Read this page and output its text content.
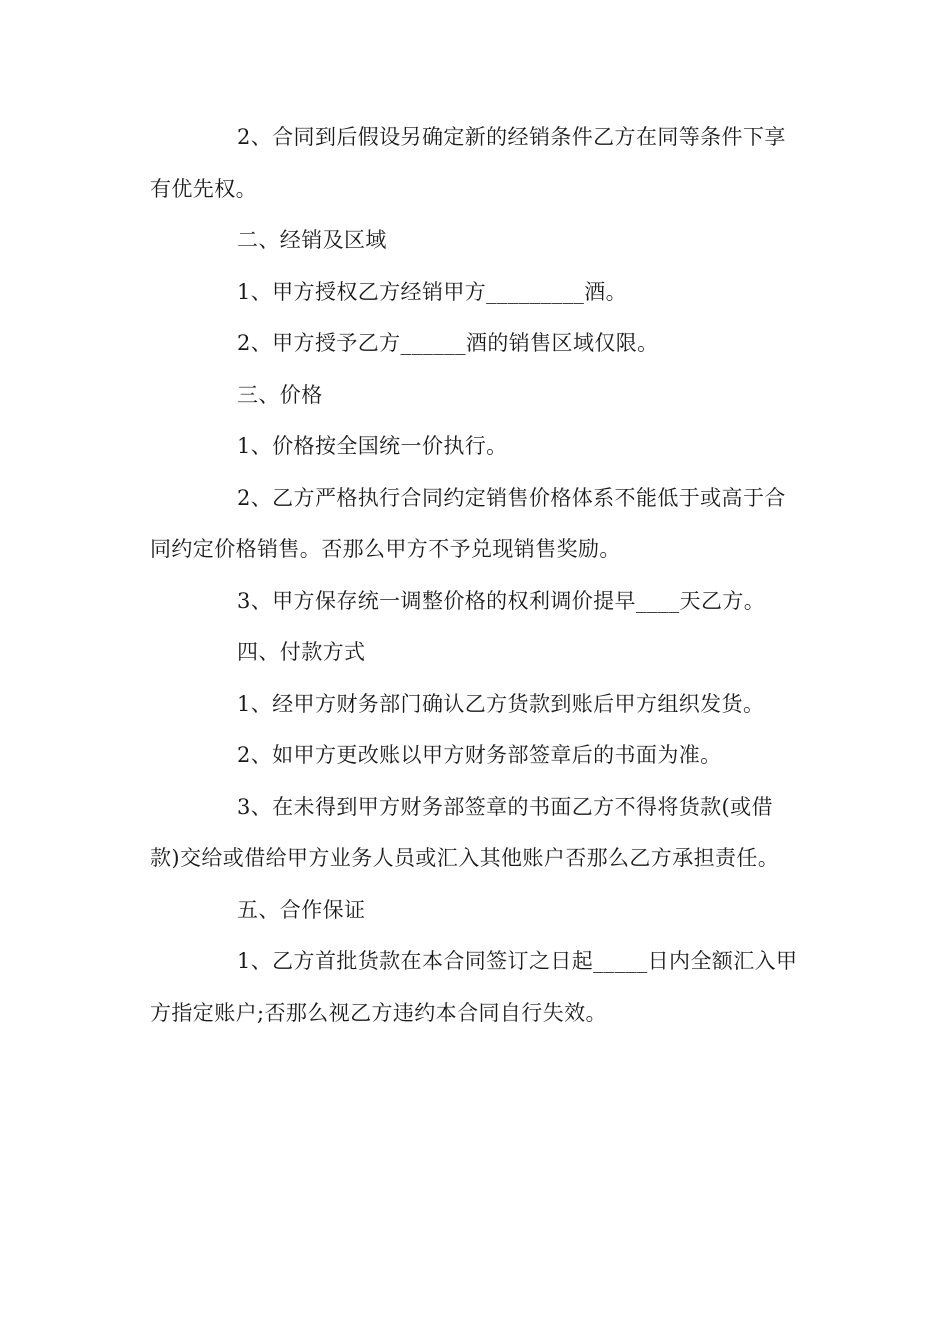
2、合同到后假设另确定新的经销条件乙方在同等条件下享有优先权。

二、经销及区域

1、甲方授权乙方经销甲方_________酒。

2、甲方授予乙方______酒的销售区域仅限。

三、价格

1、价格按全国统一价执行。

2、乙方严格执行合同约定销售价格体系不能低于或高于合同约定价格销售。否那么甲方不予兑现销售奖励。

3、甲方保存统一调整价格的权利调价提早____天乙方。

四、付款方式

1、经甲方财务部门确认乙方货款到账后甲方组织发货。

2、如甲方更改账以甲方财务部签章后的书面为准。

3、在未得到甲方财务部签章的书面乙方不得将货款(或借款)交给或借给甲方业务人员或汇入其他账户否那么乙方承担责任。

五、合作保证

1、乙方首批货款在本合同签订之日起_____日内全额汇入甲方指定账户;否那么视乙方违约本合同自行失效。
